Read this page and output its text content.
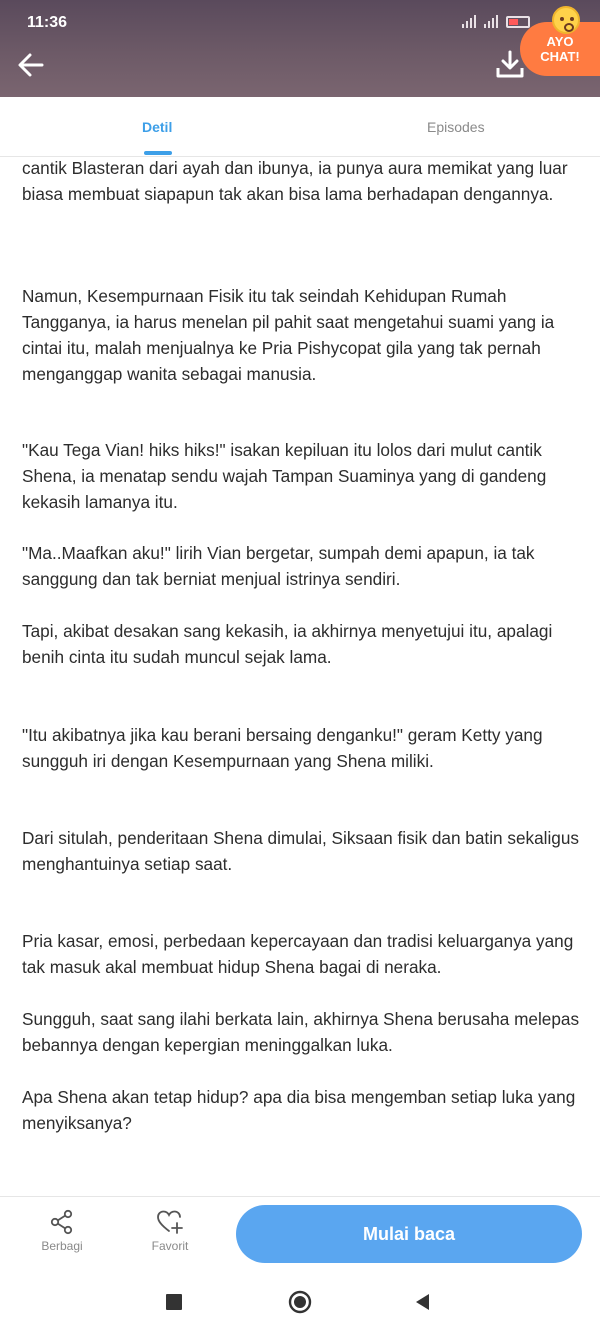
11:36
AYO
CHAT!
Detil	Episodes

cantik Blasteran dari ayah dan ibunya, ia punya aura memikat yang luar biasa membuat siapapun tak akan bisa lama berhadapan dengannya.

Namun, Kesempurnaan Fisik itu tak seindah Kehidupan Rumah Tangganya, ia harus menelan pil pahit saat mengetahui suami yang ia cintai itu, malah menjualnya ke Pria Pishycopat gila yang tak pernah menganggap wanita sebagai manusia.

"Kau Tega Vian! hiks hiks!" isakan kepiluan itu lolos dari mulut cantik Shena, ia menatap sendu wajah Tampan Suaminya yang di gandeng kekasih lamanya itu.

"Ma..Maafkan aku!" lirih Vian bergetar, sumpah demi apapun, ia tak sanggung dan tak berniat menjual istrinya sendiri.

Tapi, akibat desakan sang kekasih, ia akhirnya menyetujui itu, apalagi benih cinta itu sudah muncul sejak lama.

"Itu akibatnya jika kau berani bersaing denganku!" geram Ketty yang sungguh iri dengan Kesempurnaan yang Shena miliki.

Dari situlah, penderitaan Shena dimulai, Siksaan fisik dan batin sekaligus menghantuinya setiap saat.

Pria kasar, emosi, perbedaan kepercayaan dan tradisi keluarganya yang tak masuk akal membuat hidup Shena bagai di neraka.

Sungguh, saat sang ilahi berkata lain, akhirnya Shena berusaha melepas bebannya dengan kepergian meninggalkan luka.

Apa Shena akan tetap hidup? apa dia bisa mengemban setiap luka yang menyiksanya?

Berbagi	Favorit
Mulai baca
